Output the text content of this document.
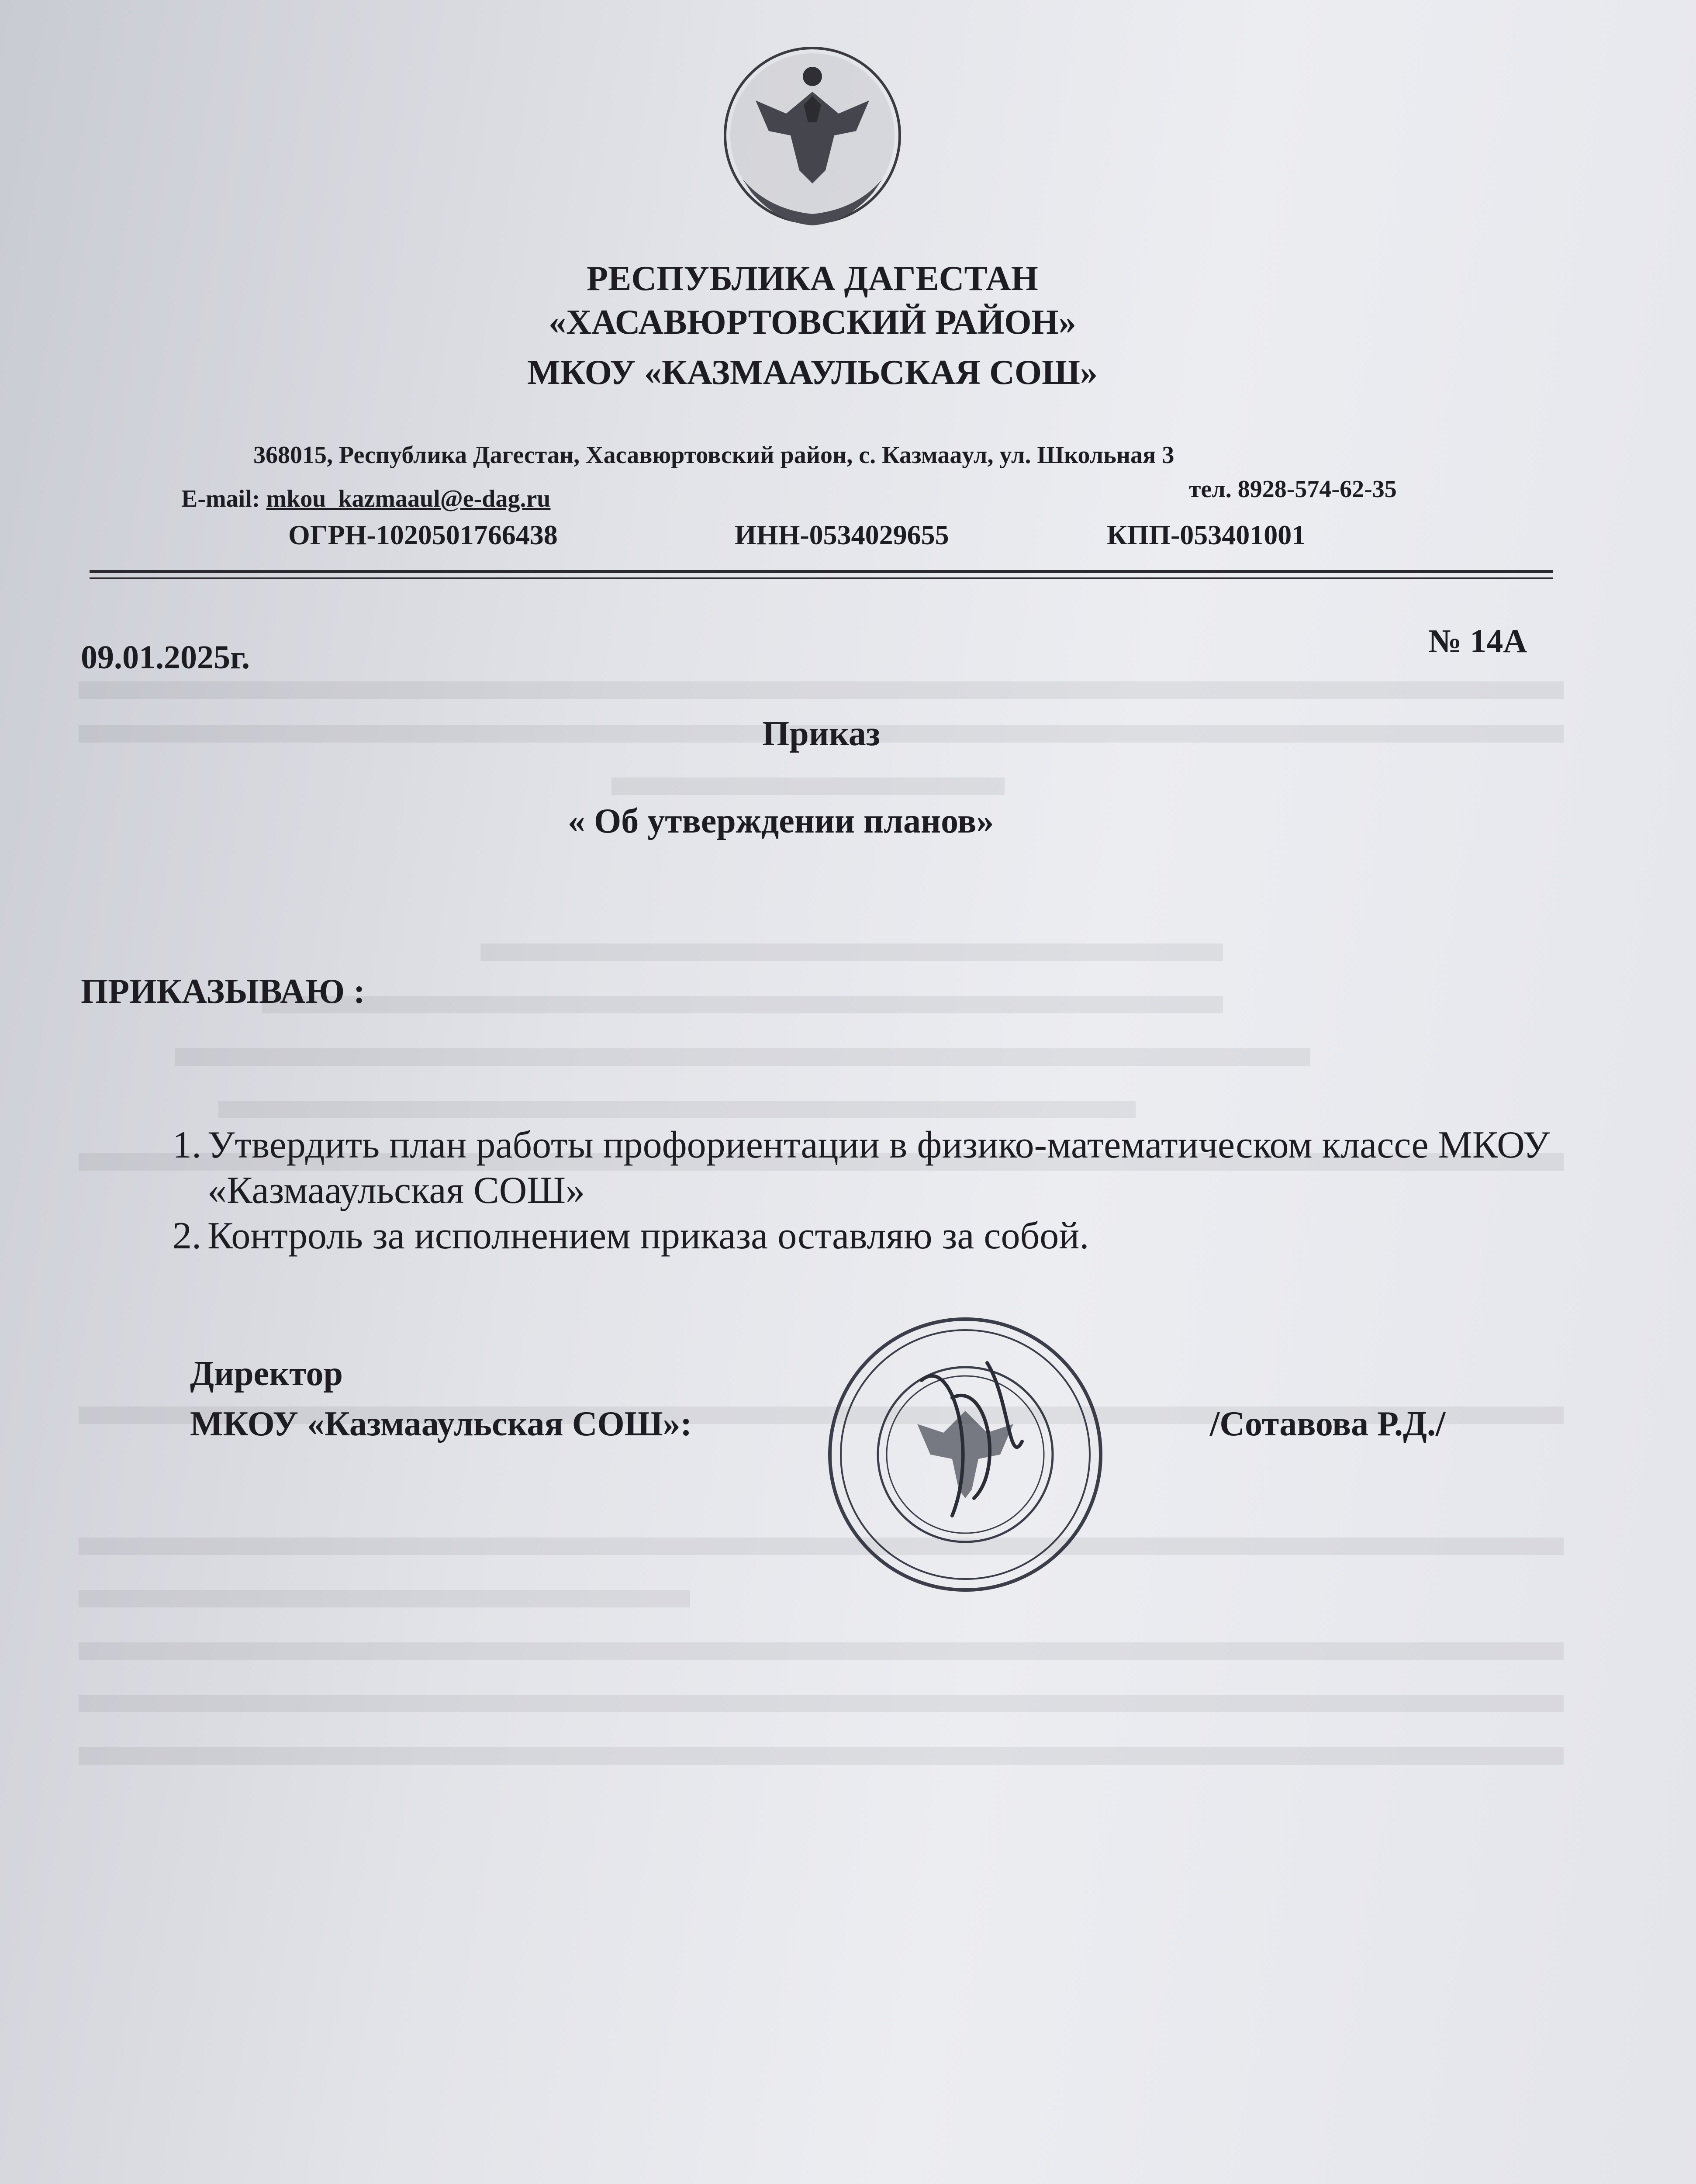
РЕСПУБЛИКА ДАГЕСТАН
«ХАСАВЮРТОВСКИЙ РАЙОН»
МКОУ «КАЗМААУЛЬСКАЯ СОШ»
368015, Республика Дагестан, Хасавюртовский район, с. Казмаaул, ул. Школьная 3
E-mail: mkou_kazmaaul@e-dag.ru	тел. 8928-574-62-35
ОГРН-1020501766438	ИНН-0534029655	КПП-053401001
09.01.2025г.	№ 14А
Приказ
« Об утверждении планов»
ПРИКАЗЫВАЮ :
1. Утвердить план работы профориентации в физико-математическом классе МКОУ «Казмааульская СОШ»
2. Контроль за исполнением приказа оставляю за собой.
Директор
МКОУ «Казмааульская СОШ»:	/Сотавова Р.Д./
